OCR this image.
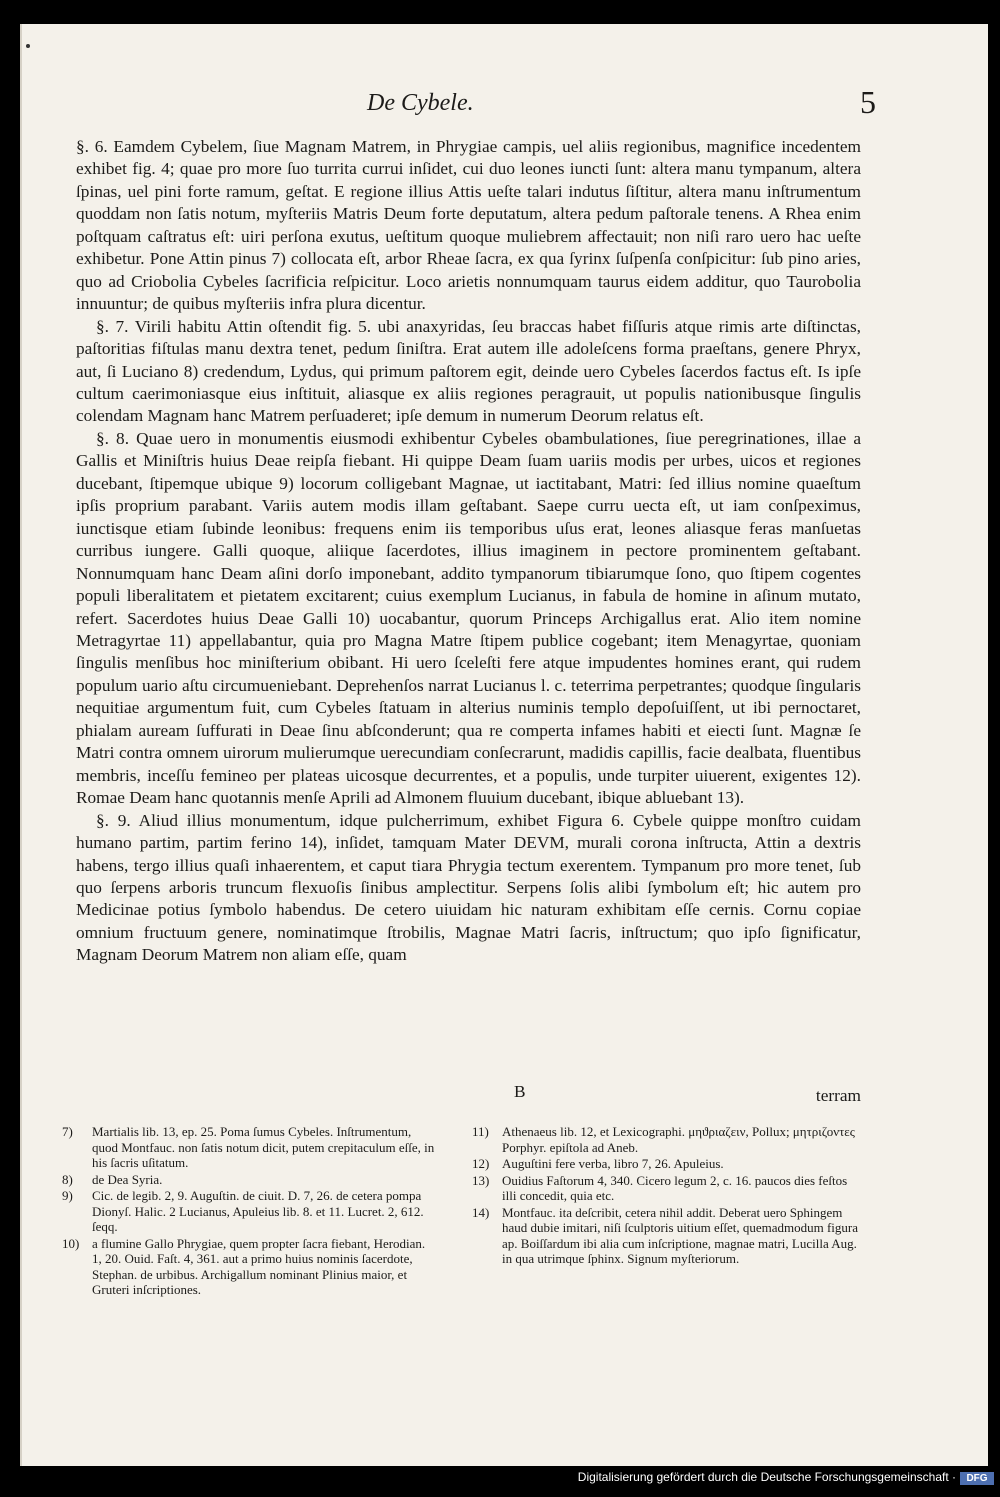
De Cybele.	5

§. 6. Eamdem Cybelem, ſiue Magnam Matrem, in Phrygiae campis, uel aliis regionibus, magnifice incedentem exhibet fig. 4; quae pro more ſuo turrita currui inſidet, cui duo leones iuncti ſunt: altera manu tympanum, altera ſpinas, uel pini forte ramum, geſtat. E regione illius Attis ueſte talari indutus ſiſtitur, altera manu inſtrumentum quoddam non ſatis notum, myſteriis Matris Deum forte deputatum, altera pedum paſtorale tenens. A Rhea enim poſtquam caſtratus eſt: uiri perſona exutus, ueſtitum quoque muliebrem affectauit; non niſi raro uero hac ueſte exhibetur. Pone Attin pinus 7) collocata eſt, arbor Rheae ſacra, ex qua ſyrinx ſuſpenſa conſpicitur: ſub pino aries, quo ad Criobolia Cybeles ſacrificia reſpicitur. Loco arietis nonnumquam taurus eidem additur, quo Taurobolia innuuntur; de quibus myſteriis infra plura dicentur.

§. 7. Virili habitu Attin oſtendit fig. 5. ubi anaxyridas, ſeu braccas habet fiſſuris atque rimis arte diſtinctas, paſtoritias fiſtulas manu dextra tenet, pedum ſiniſtra. Erat autem ille adoleſcens forma praeſtans, genere Phryx, aut, ſi Luciano 8) credendum, Lydus, qui primum paſtorem egit, deinde uero Cybeles ſacerdos factus eſt. Is ipſe cultum caerimoniasque eius inſtituit, aliasque ex aliis regiones peragrauit, ut populis nationibusque ſingulis colendam Magnam hanc Matrem perſuaderet; ipſe demum in numerum Deorum relatus eſt.

§. 8. Quae uero in monumentis eiusmodi exhibentur Cybeles obambulationes, ſiue peregrinationes, illae a Gallis et Miniſtris huius Deae reipſa fiebant. Hi quippe Deam ſuam uariis modis per urbes, uicos et regiones ducebant, ſtipemque ubique 9) locorum colligebant Magnae, ut iactitabant, Matri: ſed illius nomine quaeſtum ipſis proprium parabant. Variis autem modis illam geſtabant. Saepe curru uecta eſt, ut iam conſpeximus, iunctisque etiam ſubinde leonibus: frequens enim iis temporibus uſus erat, leones aliasque feras manſuetas curribus iungere. Galli quoque, aliique ſacerdotes, illius imaginem in pectore prominentem geſtabant. Nonnumquam hanc Deam aſini dorſo imponebant, addito tympanorum tibiarumque ſono, quo ſtipem cogentes populi liberalitatem et pietatem excitarent; cuius exemplum Lucianus, in fabula de homine in aſinum mutato, refert. Sacerdotes huius Deae Galli 10) uocabantur, quorum Princeps Archigallus erat. Alio item nomine Metragyrtae 11) appellabantur, quia pro Magna Matre ſtipem publice cogebant; item Menagyrtae, quoniam ſingulis menſibus hoc miniſterium obibant. Hi uero ſceleſti fere atque impudentes homines erant, qui rudem populum uario aſtu circumueniebant. Deprehenſos narrat Lucianus l. c. teterrima perpetrantes; quodque ſingularis nequitiae argumentum fuit, cum Cybeles ſtatuam in alterius numinis templo depoſuiſſent, ut ibi pernoctaret, phialam auream ſuffurati in Deae ſinu abſconderunt; qua re comperta infames habiti et eiecti ſunt. Magnæ ſe Matri contra omnem uirorum mulierumque uerecundiam conſecrarunt, madidis capillis, facie dealbata, fluentibus membris, inceſſu femineo per plateas uicosque decurrentes, et a populis, unde turpiter uiuerent, exigentes 12). Romae Deam hanc quotannis menſe Aprili ad Almonem fluuium ducebant, ibique abluebant 13).

§. 9. Aliud illius monumentum, idque pulcherrimum, exhibet Figura 6. Cybele quippe monſtro cuidam humano partim, partim ferino 14), inſidet, tamquam Mater DEVM, murali corona inſtructa, Attin a dextris habens, tergo illius quaſi inhaerentem, et caput tiara Phrygia tectum exerentem. Tympanum pro more tenet, ſub quo ſerpens arboris truncum flexuoſis ſinibus amplectitur. Serpens ſolis alibi ſymbolum eſt; hic autem pro Medicinae potius ſymbolo habendus. De cetero uiuidam hic naturam exhibitam eſſe cernis. Cornu copiae omnium fructuum genere, nominatimque ſtrobilis, Magnae Matri ſacris, inſtructum; quo ipſo ſignificatur, Magnam Deorum Matrem non aliam eſſe, quam

B	terram
7)	Martialis lib. 13, ep. 25. Poma ſumus Cybeles. Inſtrumentum, quod Montfauc. non ſatis notum dicit, putem crepitaculum eſſe, in his ſacris uſitatum.
8)	de Dea Syria.
9)	Cic. de legib. 2, 9. Auguſtin. de ciuit. D. 7, 26. de cetera pompa Dionyſ. Halic. 2 Lucianus, Apuleius lib. 8. et 11. Lucret. 2, 612. ſeqq.
10) a flumine Gallo Phrygiae, quem propter ſacra fiebant, Herodian. 1, 20. Ouid. Faſt. 4, 361. aut a primo huius nominis ſacerdote, Stephan. de urbibus. Archigallum nominant Plinius maior, et Gruteri inſcriptiones.
11)	Athenaeus lib. 12, et Lexicographi. μηϑριαζειν, Pollux; μητριζοντες Porphyr. epiſtola ad Aneb.
12) Auguſtini fere verba, libro 7, 26. Apuleius.
13) Ouidius Faſtorum 4, 340. Cicero legum 2, c. 16. paucos dies feſtos illi concedit, quia etc.
14) Montfauc. ita deſcribit, cetera nihil addit. Deberat uero Sphingem haud dubie imitari, niſi ſculptoris uitium eſſet, quemadmodum figura ap. Boiſſardum ibi alia cum inſcriptione, magnae matri, Lucilla Aug. in qua utrimque ſphinx. Signum myſteriorum.
Digitalisierung gefördert durch die Deutsche Forschungsgemeinschaft ·	DFG
